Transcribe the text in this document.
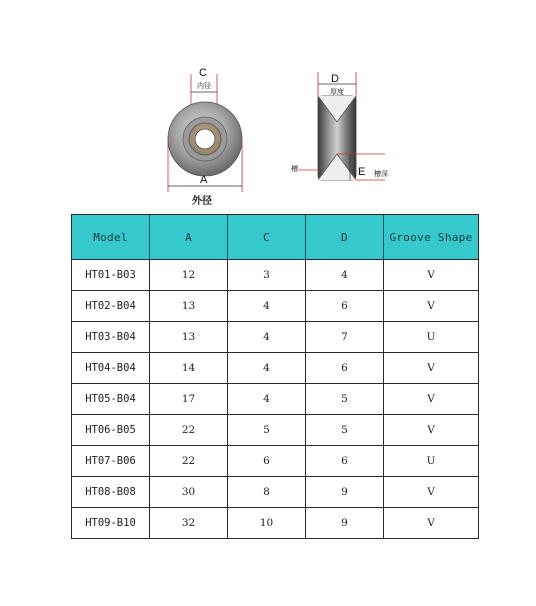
C
内径
A
外径
D
厚度
槽	E 槽深
Model	A	C	D	Groove Shape
HT01-B03	12	3	4	V
HT02-B04	13	4	6	V
HT03-B04	13	4	7	U
HT04-B04	14	4	6	V
HT05-B04	17	4	5	V
HT06-B05	22	5	5	V
HT07-B06	22	6	6	U
HT08-B08	30	8	9	V
HT09-B10	32	10	9	V
